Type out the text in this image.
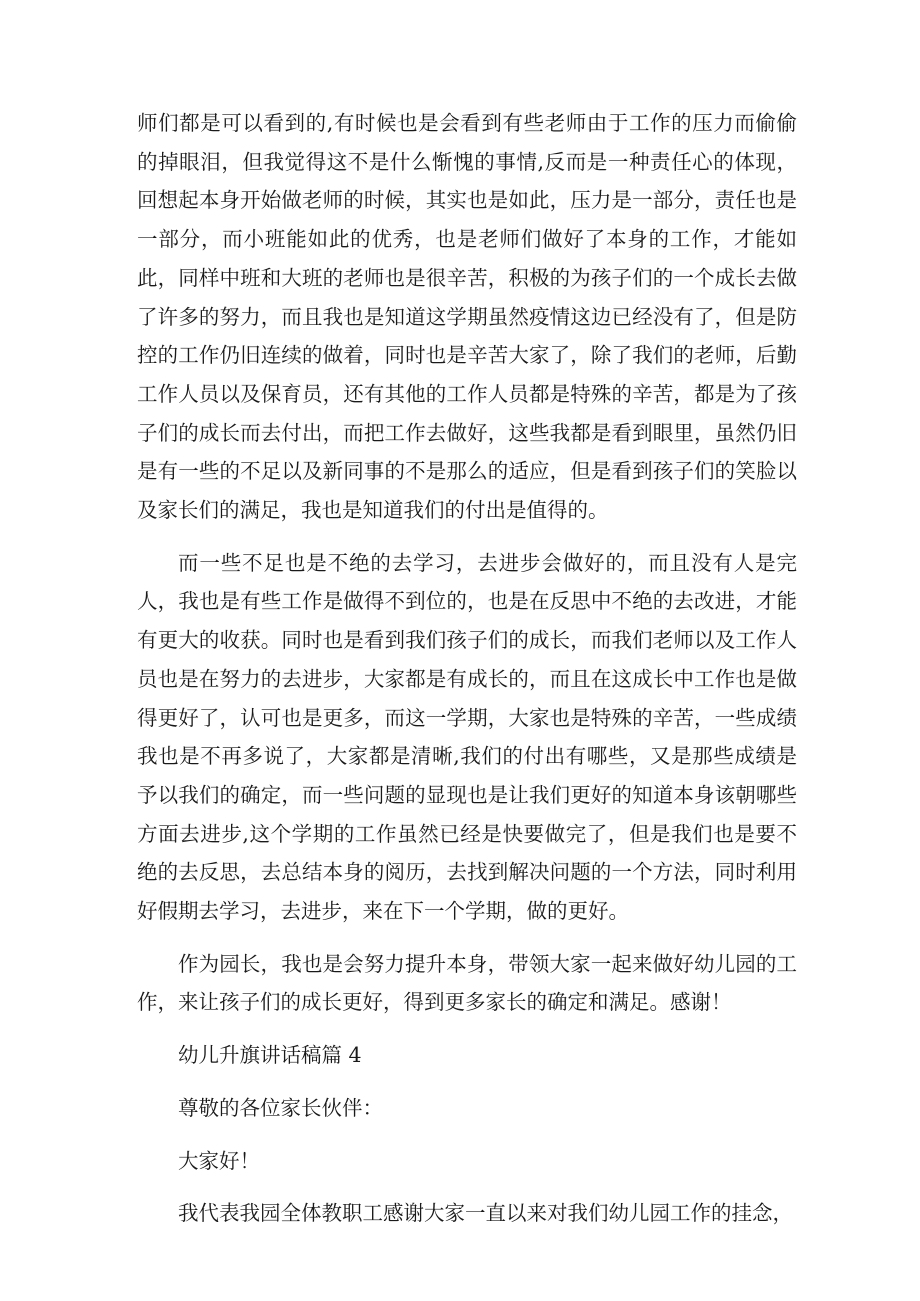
师们都是可以看到的,有时候也是会看到有些老师由于工作的压力而偷偷的掉眼泪，但我觉得这不是什么惭愧的事情,反而是一种责任心的体现，回想起本身开始做老师的时候，其实也是如此，压力是一部分，责任也是一部分，而小班能如此的优秀，也是老师们做好了本身的工作，才能如此，同样中班和大班的老师也是很辛苦，积极的为孩子们的一个成长去做了许多的努力，而且我也是知道这学期虽然疫情这边已经没有了，但是防控的工作仍旧连续的做着，同时也是辛苦大家了，除了我们的老师，后勤工作人员以及保育员，还有其他的工作人员都是特殊的辛苦，都是为了孩子们的成长而去付出，而把工作去做好，这些我都是看到眼里，虽然仍旧是有一些的不足以及新同事的不是那么的适应，但是看到孩子们的笑脸以及家长们的满足，我也是知道我们的付出是值得的。

而一些不足也是不绝的去学习，去进步会做好的，而且没有人是完人，我也是有些工作是做得不到位的，也是在反思中不绝的去改进，才能有更大的收获。同时也是看到我们孩子们的成长，而我们老师以及工作人员也是在努力的去进步，大家都是有成长的，而且在这成长中工作也是做得更好了，认可也是更多，而这一学期，大家也是特殊的辛苦，一些成绩我也是不再多说了，大家都是清晰,我们的付出有哪些，又是那些成绩是予以我们的确定，而一些问题的显现也是让我们更好的知道本身该朝哪些方面去进步,这个学期的工作虽然已经是快要做完了，但是我们也是要不绝的去反思，去总结本身的阅历，去找到解决问题的一个方法，同时利用好假期去学习，去进步，来在下一个学期，做的更好。

作为园长，我也是会努力提升本身，带领大家一起来做好幼儿园的工作，来让孩子们的成长更好，得到更多家长的确定和满足。感谢！

幼儿升旗讲话稿篇 4

尊敬的各位家长伙伴：

大家好！

我代表我园全体教职工感谢大家一直以来对我们幼儿园工作的挂念，
